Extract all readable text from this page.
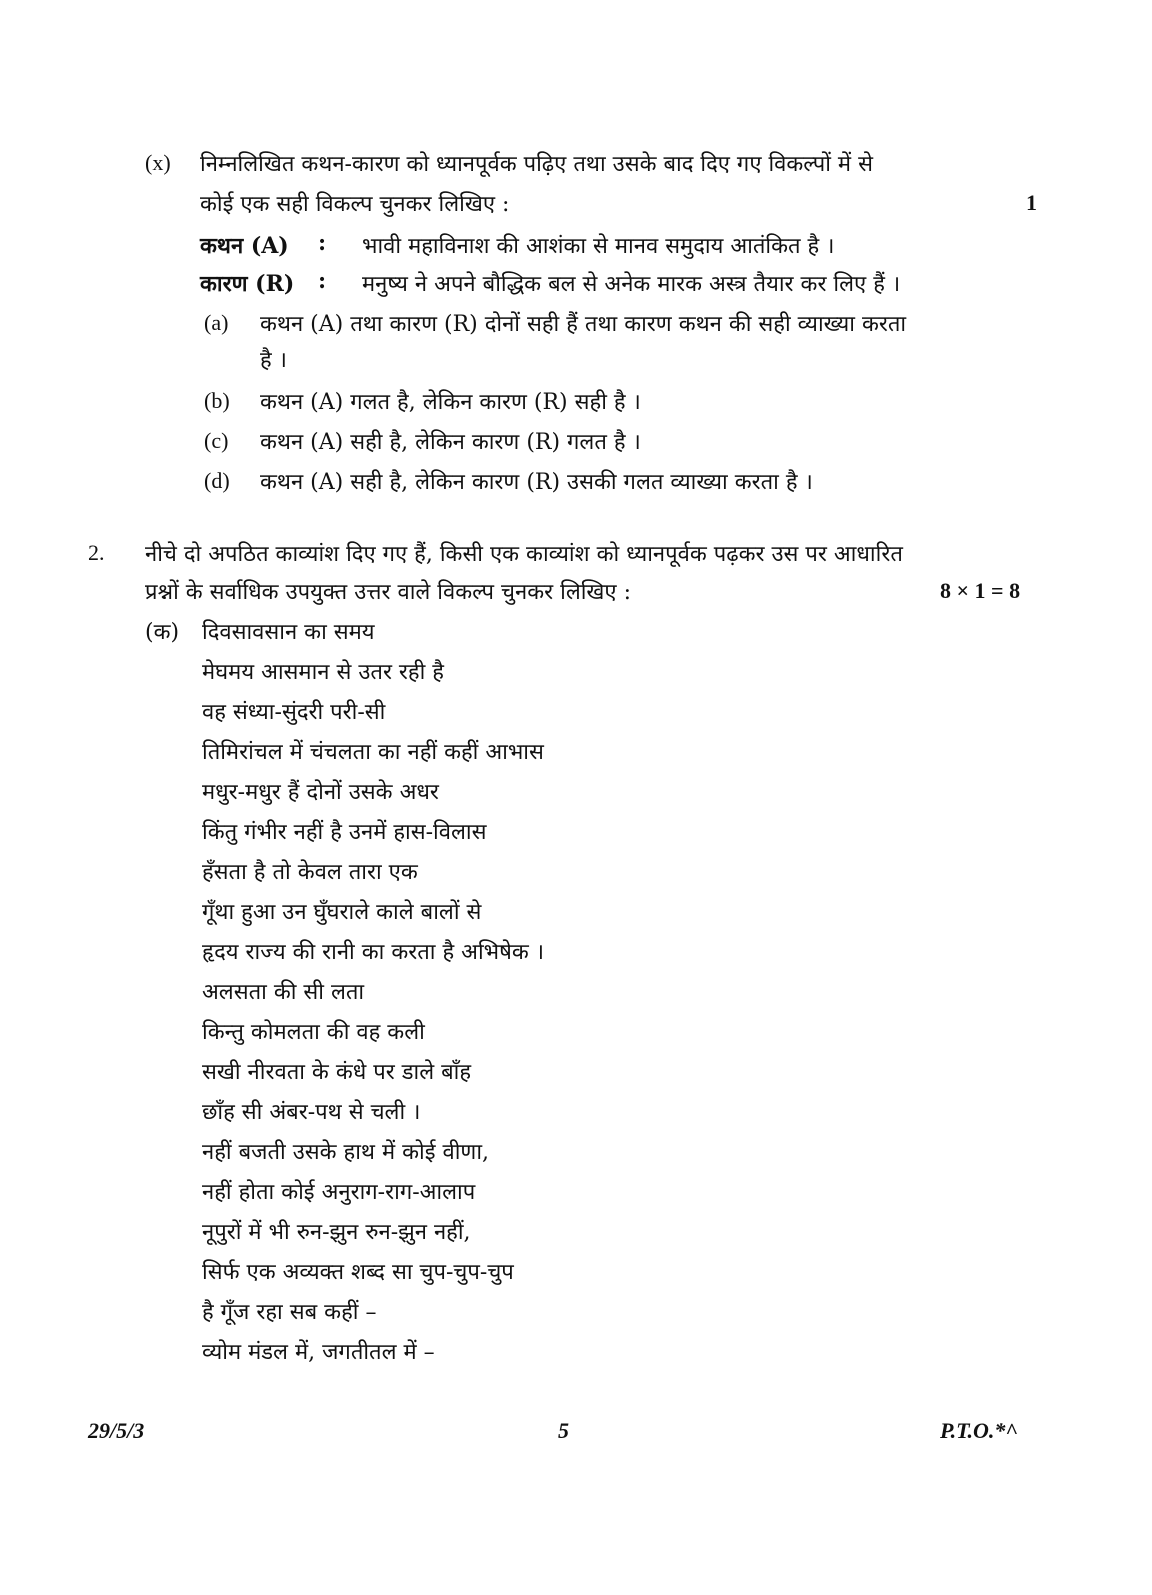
(x) निम्नलिखित कथन-कारण को ध्यानपूर्वक पढ़िए तथा उसके बाद दिए गए विकल्पों में से
कोई एक सही विकल्प चुनकर लिखिए :	1
कथन (A) : भावी महाविनाश की आशंका से मानव समुदाय आतंकित है ।
कारण (R) : मनुष्य ने अपने बौद्धिक बल से अनेक मारक अस्त्र तैयार कर लिए हैं ।
(a) कथन (A) तथा कारण (R) दोनों सही हैं तथा कारण कथन की सही व्याख्या करता
है ।
(b) कथन (A) गलत है, लेकिन कारण (R) सही है ।
(c) कथन (A) सही है, लेकिन कारण (R) गलत है ।
(d) कथन (A) सही है, लेकिन कारण (R) उसकी गलत व्याख्या करता है ।
2. नीचे दो अपठित काव्यांश दिए गए हैं, किसी एक काव्यांश को ध्यानपूर्वक पढ़कर उस पर आधारित
प्रश्नों के सर्वाधिक उपयुक्त उत्तर वाले विकल्प चुनकर लिखिए :	8 × 1 = 8
(क) दिवसावसान का समय
मेघमय आसमान से उतर रही है
वह संध्या-सुंदरी परी-सी
तिमिरांचल में चंचलता का नहीं कहीं आभास
मधुर-मधुर हैं दोनों उसके अधर
किंतु गंभीर नहीं है उनमें हास-विलास
हँसता है तो केवल तारा एक
गूँथा हुआ उन घुँघराले काले बालों से
हृदय राज्य की रानी का करता है अभिषेक ।
अलसता की सी लता
किन्तु कोमलता की वह कली
सखी नीरवता के कंधे पर डाले बाँह
छाँह सी अंबर-पथ से चली ।
नहीं बजती उसके हाथ में कोई वीणा,
नहीं होता कोई अनुराग-राग-आलाप
नूपुरों में भी रुन-झुन रुन-झुन नहीं,
सिर्फ एक अव्यक्त शब्द सा चुप-चुप-चुप
है गूँज रहा सब कहीं –
व्योम मंडल में, जगतीतल में –
29/5/3	5	P.T.O.*^
